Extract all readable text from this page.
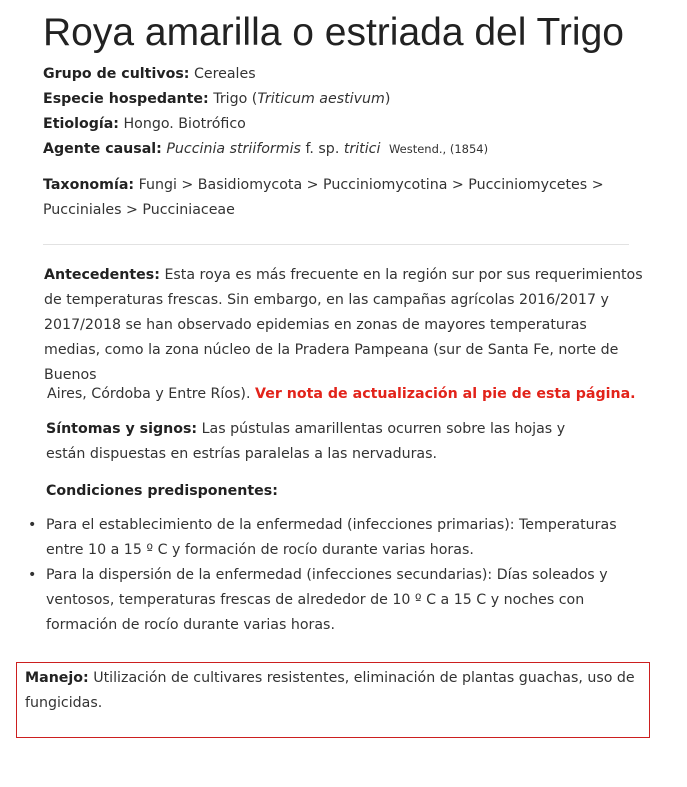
Roya amarilla o estriada del Trigo
Grupo de cultivos: Cereales
Especie hospedante: Trigo (Triticum aestivum)
Etiología: Hongo. Biotrófico
Agente causal: Puccinia striiformis f. sp. tritici Westend., (1854)
Taxonomía: Fungi > Basidiomycota > Pucciniomycotina > Pucciniomycetes > Pucciniales > Pucciniaceae

Antecedentes: Esta roya es más frecuente en la región sur por sus requerimientos de temperaturas frescas. Sin embargo, en las campañas agrícolas 2016/2017 y 2017/2018 se han observado epidemias en zonas de mayores temperaturas medias, como la zona núcleo de la Pradera Pampeana (sur de Santa Fe, norte de Buenos

Aires, Córdoba y Entre Ríos). Ver nota de actualización al pie de esta página.

Síntomas y signos: Las pústulas amarillentas ocurren sobre las hojas y están dispuestas en estrías paralelas a las nervaduras.

Condiciones predisponentes:

• Para el establecimiento de la enfermedad (infecciones primarias): Temperaturas entre 10 a 15 º C y formación de rocío durante varias horas.
• Para la dispersión de la enfermedad (infecciones secundarias): Días soleados y ventosos, temperaturas frescas de alrededor de 10 º C a 15 C y noches con formación de rocío durante varias horas.
Manejo: Utilización de cultivares resistentes, eliminación de plantas guachas, uso de fungicidas.
